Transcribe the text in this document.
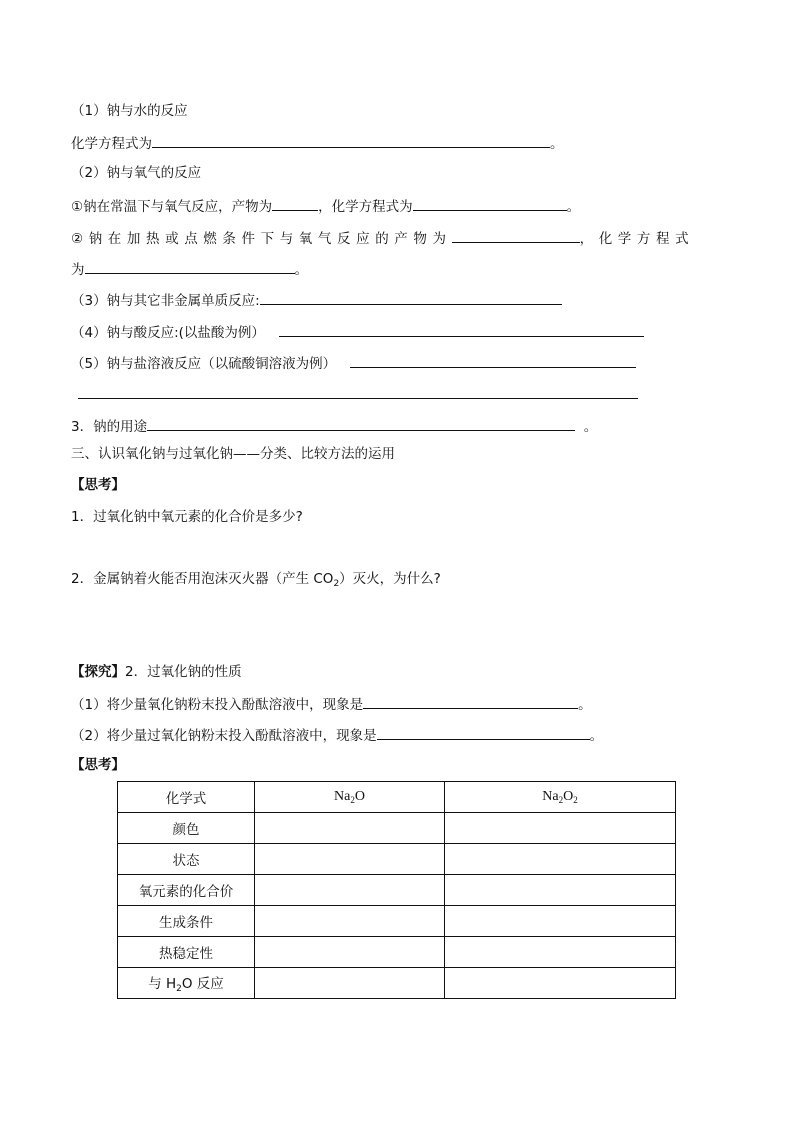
（1）钠与水的反应
化学方程式为	。
（2）钠与氧气的反应
①钠在常温下与氧气反应，产物为	，化学方程式为	。
②钠在加热或点燃条件下与氧气反应的产物为	，化学方程式
为	。
（3）钠与其它非金属单质反应:
（4）钠与酸反应:(以盐酸为例）
（5）钠与盐溶液反应（以硫酸铜溶液为例）
3．钠的用途	。
三、认识氧化钠与过氧化钠——分类、比较方法的运用
【思考】
1．过氧化钠中氧元素的化合价是多少?
2．金属钠着火能否用泡沫灭火器（产生 $CO_2$）灭火，为什么?
【探究】2．过氧化钠的性质
（1）将少量氧化钠粉末投入酚酞溶液中，现象是	。
（2）将少量过氧化钠粉末投入酚酞溶液中，现象是	。
【思考】
化学式	$Na_2O$	$Na_2O_2$
颜色		
状态		
氧元素的化合价		
生成条件		
热稳定性		
与 $H_2O$ 反应		
